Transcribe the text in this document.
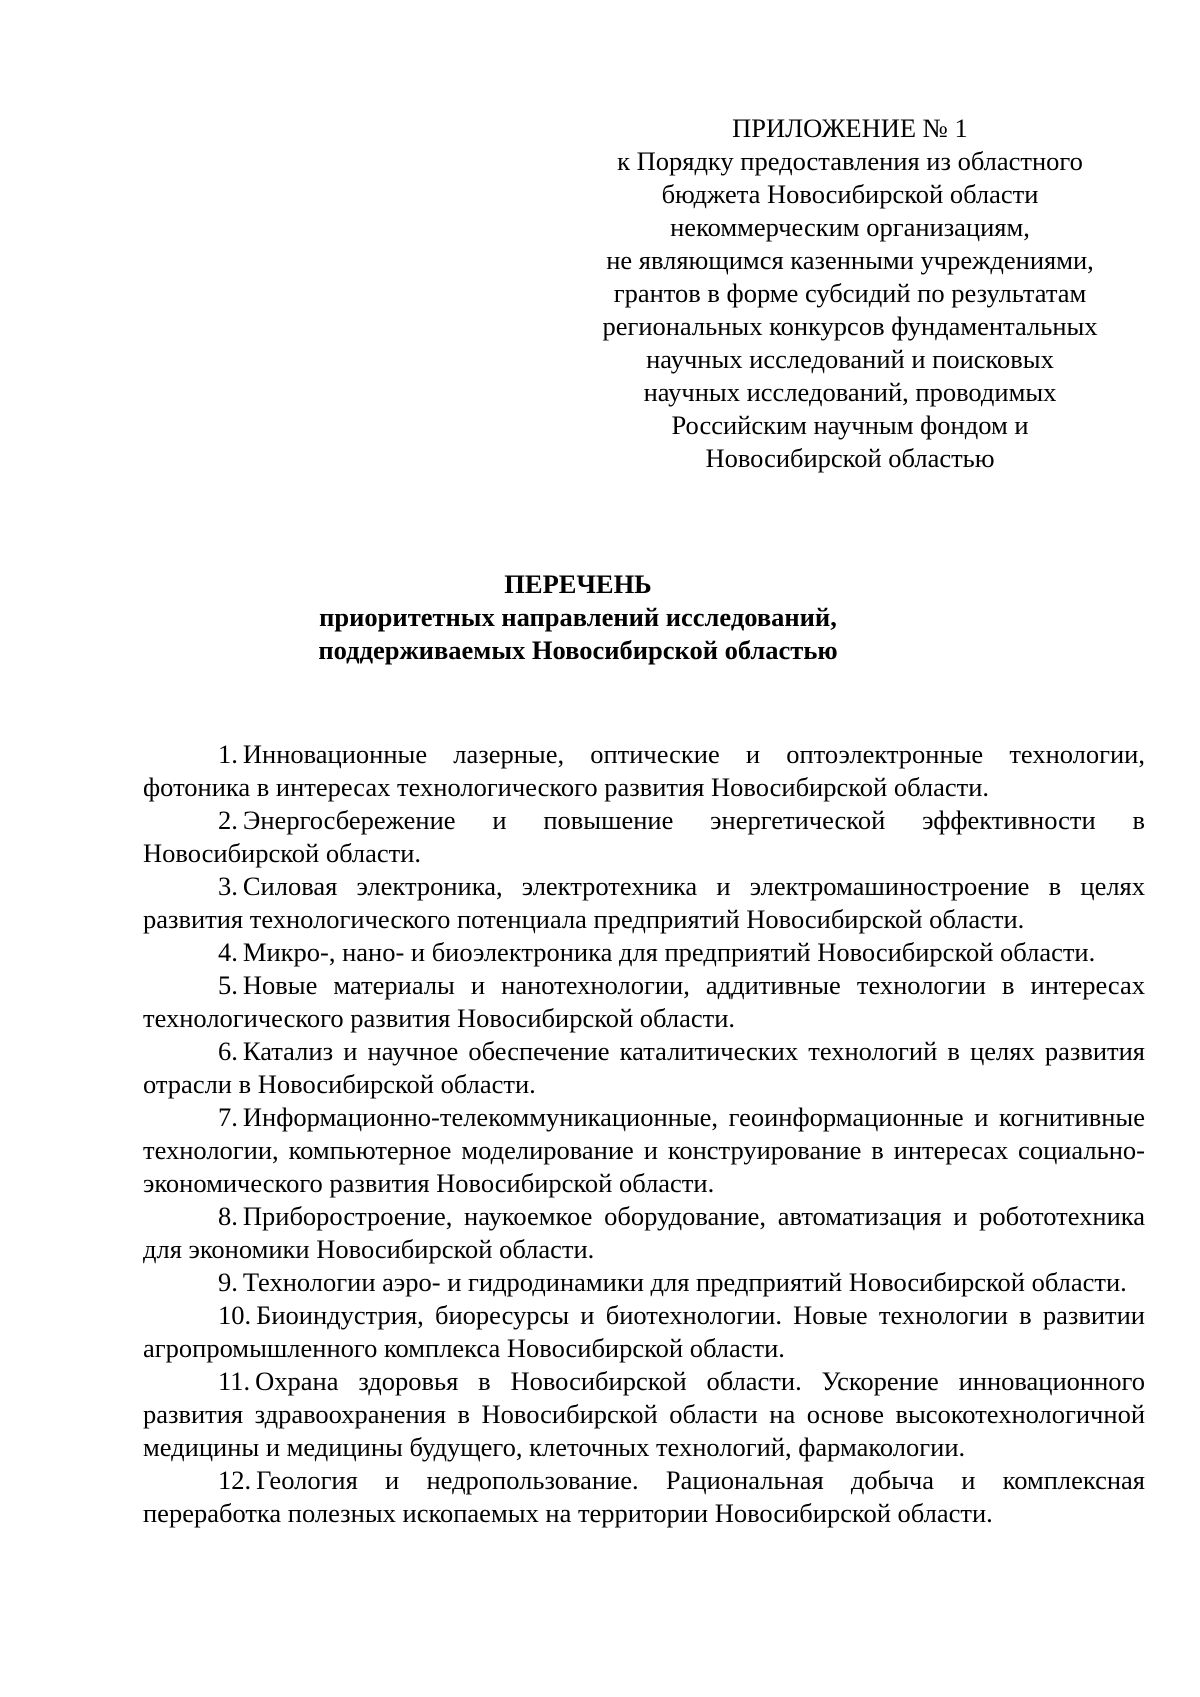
ПРИЛОЖЕНИЕ № 1
к Порядку предоставления из областного
бюджета Новосибирской области
некоммерческим организациям,
не являющимся казенными учреждениями,
грантов в форме субсидий по результатам
региональных конкурсов фундаментальных
научных исследований и поисковых
научных исследований, проводимых
Российским научным фондом и
Новосибирской областью
ПЕРЕЧЕНЬ
приоритетных направлений исследований,
поддерживаемых Новосибирской областью

1. Инновационные лазерные, оптические и оптоэлектронные технологии, фотоника в интересах технологического развития Новосибирской области.

2. Энергосбережение и повышение энергетической эффективности в Новосибирской области.

3. Силовая электроника, электротехника и электромашиностроение в целях развития технологического потенциала предприятий Новосибирской области.

4. Микро-, нано- и биоэлектроника для предприятий Новосибирской области.

5. Новые материалы и нанотехнологии, аддитивные технологии в интересах технологического развития Новосибирской области.

6. Катализ и научное обеспечение каталитических технологий в целях развития отрасли в Новосибирской области.

7. Информационно-телекоммуникационные, геоинформационные и когнитивные технологии, компьютерное моделирование и конструирование в интересах социально-экономического развития Новосибирской области.

8. Приборостроение, наукоемкое оборудование, автоматизация и робототехника для экономики Новосибирской области.

9. Технологии аэро- и гидродинамики для предприятий Новосибирской области.

10. Биоиндустрия, биоресурсы и биотехнологии. Новые технологии в развитии агропромышленного комплекса Новосибирской области.

11. Охрана здоровья в Новосибирской области. Ускорение инновационного развития здравоохранения в Новосибирской области на основе высокотехнологичной медицины и медицины будущего, клеточных технологий, фармакологии.

12. Геология и недропользование. Рациональная добыча и комплексная переработка полезных ископаемых на территории Новосибирской области.
